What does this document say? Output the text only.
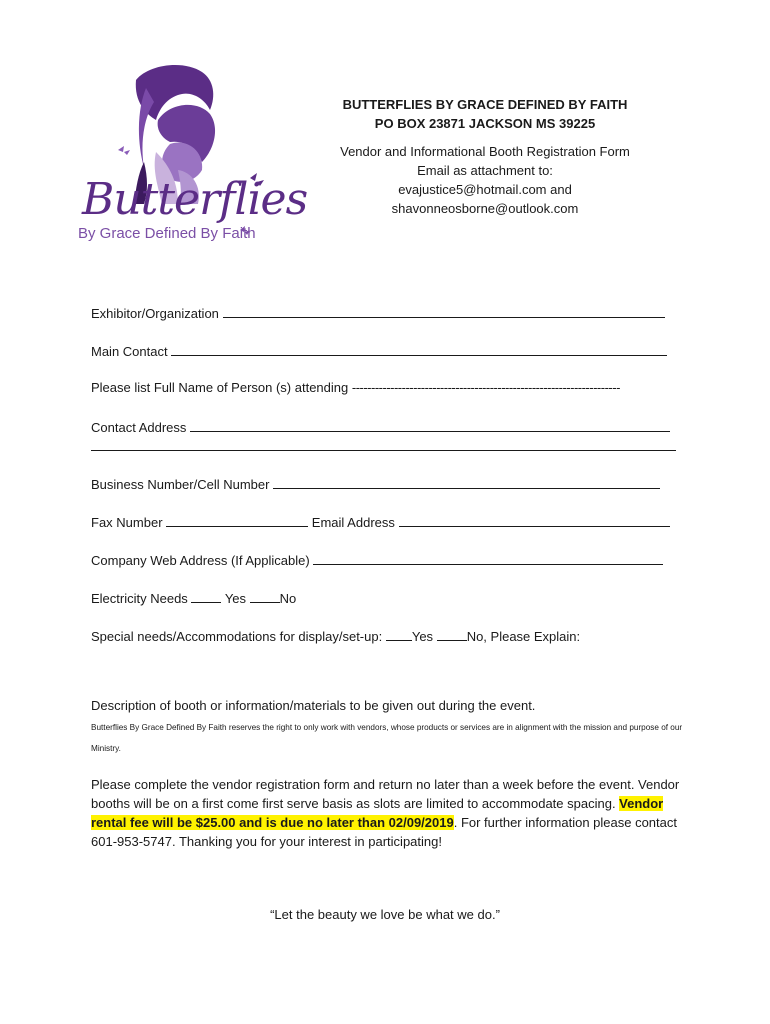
Butterflies
By Grace Defined By Faith
BUTTERFLIES BY GRACE DEFINED BY FAITH
PO BOX 23871 JACKSON MS 39225
Vendor and Informational Booth Registration Form
Email as attachment to:
evajustice5@hotmail.com and
shavonneosborne@outlook.com
Exhibitor/Organization
Main Contact
Please list Full Name of Person (s) attending ----------------------------------------------------------------------
Contact Address
Business Number/Cell Number
Fax Number	Email Address
Company Web Address (If Applicable)
Electricity Needs	Yes	No
Special needs/Accommodations for display/set-up: Yes	No, Please Explain:
Description of booth or information/materials to be given out during the event.
Butterflies By Grace Defined By Faith reserves the right to only work with vendors, whose products or services are in alignment with the mission and purpose of our Ministry.
Please complete the vendor registration form and return no later than a week before the event. Vendor booths will be on a first come first serve basis as slots are limited to accommodate spacing. Vendor rental fee will be $25.00 and is due no later than 02/09/2019. For further information please contact 601-953-5747. Thanking you for your interest in participating!
“Let the beauty we love be what we do.”
